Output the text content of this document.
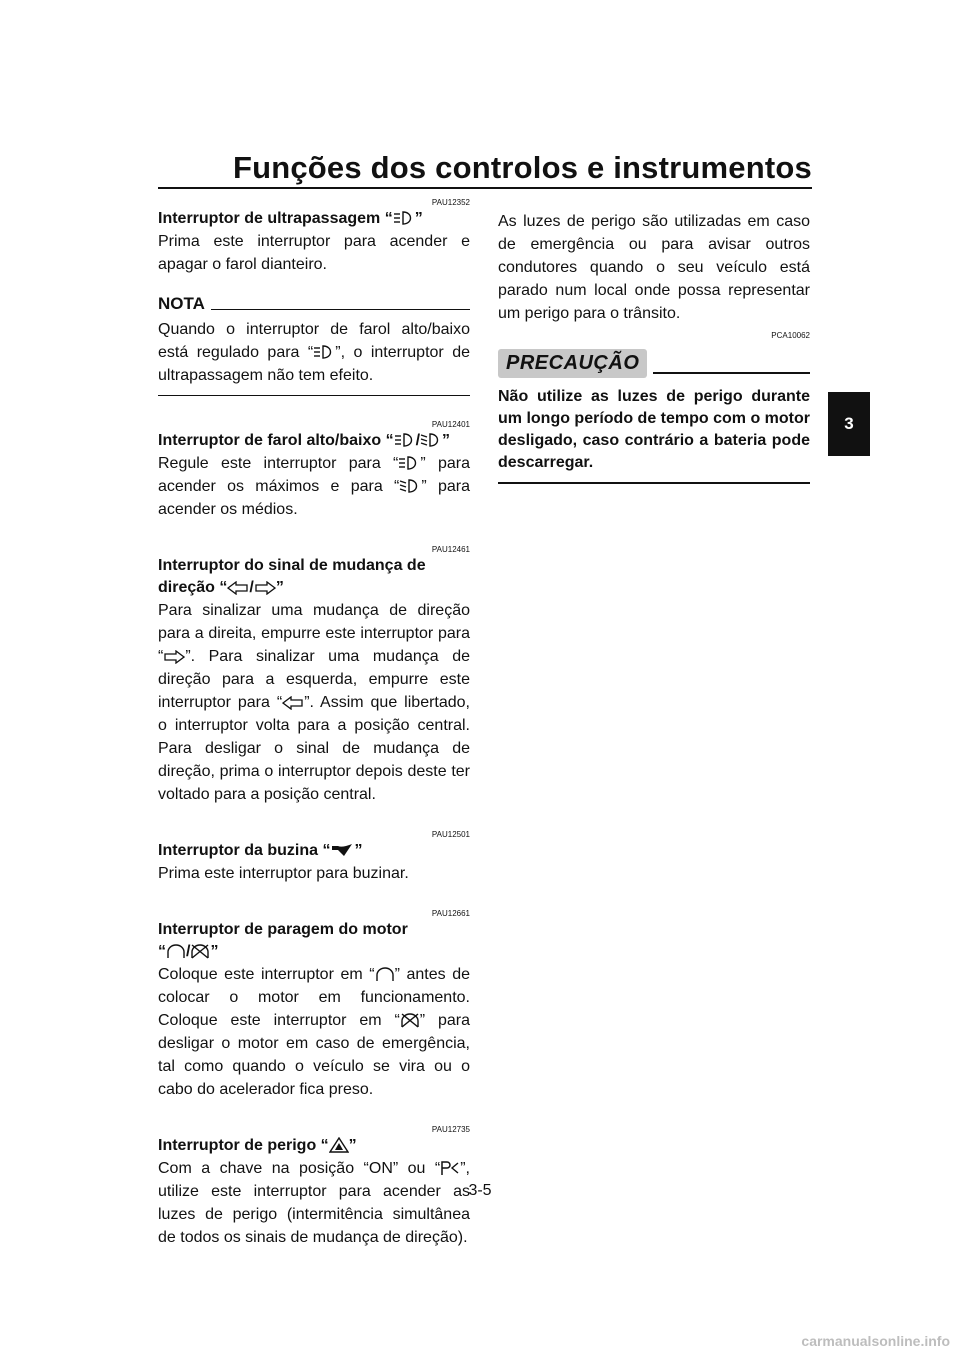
Funções dos controlos e instrumentos
3

PAU12352

Interruptor de ultrapassagem “ ”

Prima este interruptor para acender e apagar o farol dianteiro.

NOTA

Quando o interruptor de farol alto/baixo está regulado para “ ”, o interruptor de ultrapassagem não tem efeito.

PAU12401

Interruptor de farol alto/baixo “ / ”

Regule este interruptor para “ ” para acender os máximos e para “ ” para acender os médios.

PAU12461

Interruptor do sinal de mudança de direção “ / ”

Para sinalizar uma mudança de direção para a direita, empurre este interruptor para “ ”. Para sinalizar uma mudança de direção para a esquerda, empurre este interruptor para “ ”. Assim que libertado, o interruptor volta para a posição central. Para desligar o sinal de mudança de direção, prima o interruptor depois deste ter voltado para a posição central.

PAU12501

Interruptor da buzina “ ”

Prima este interruptor para buzinar.

PAU12661

Interruptor de paragem do motor

“ / ”

Coloque este interruptor em “ ” antes de colocar o motor em funcionamento. Coloque este interruptor em “ ” para desligar o motor em caso de emergência, tal como quando o veículo se vira ou o cabo do acelerador fica preso.

PAU12735

Interruptor de perigo “ ”

Com a chave na posição “ON” ou “ ”, utilize este interruptor para acender as luzes de perigo (intermitência simultânea de todos os sinais de mudança de direção).

As luzes de perigo são utilizadas em caso de emergência ou para avisar outros condutores quando o seu veículo está parado num local onde possa representar um perigo para o trânsito.

PCA10062

PRECAUÇÃO

Não utilize as luzes de perigo durante um longo período de tempo com o motor desligado, caso contrário a bateria pode descarregar.

3-5
carmanualsonline.info
